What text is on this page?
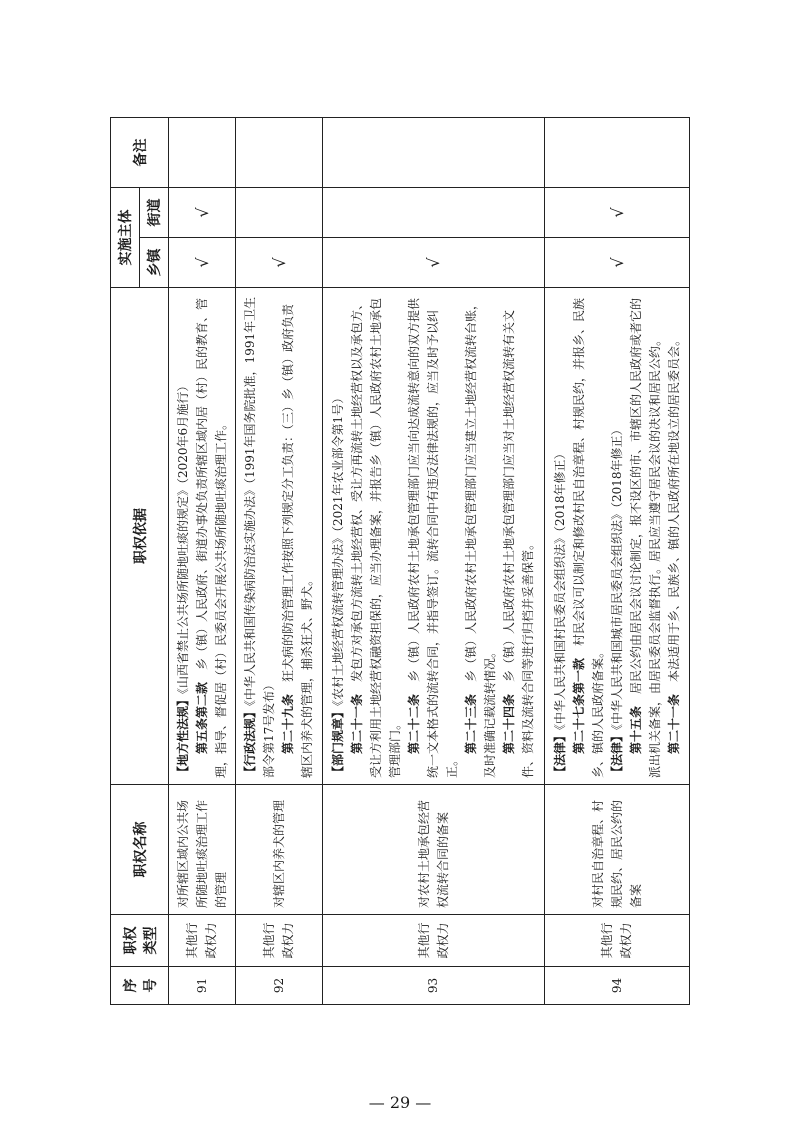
序号	职权类型	职权名称	职权依据	实施主体		备注
				乡镇	街道	
91	其他行政权力	对所辖区域内公共场所随地吐痰治理工作的管理	【地方性法规】《山西省禁止公共场所随地吐痰的规定》（2020年6月施行）

第五条第二款　乡（镇）人民政府、街道办事处负责所辖区域内居（村）民的教育、管理，指导、督促居（村）民委员会开展公共场所随地吐痰治理工作。	√	√	
92	其他行政权力	对辖区内养犬的管理	【行政法规】《中华人民共和国传染病防治法实施办法》（1991年国务院批准，1991年卫生部令第17号发布） 第二十九条　狂犬病的防治管理工作按照下列规定分工负责：（三）乡（镇）政府负责辖区内养犬的管理，捕杀狂犬、野犬。	√		
93	其他行政权力	对农村土地承包经营权流转合同的备案	【部门规章】《农村土地经营权流转管理办法》（2021年农业部令第1号）

第二十一条　发包方对承包方流转土地经营权、受让方再流转土地经营权以及承包方、受让方利用土地经营权融资担保的，应当办理备案，并报告乡（镇）人民政府农村土地承包管理部门。 第二十二条　乡（镇）人民政府农村土地承包管理部门应当向达成流转意向的双方提供统一文本格式的流转合同，并指导签订。流转合同中有违反法律法规的，应当及时予以纠正。

第二十三条　乡（镇）人民政府农村土地承包管理部门应当建立土地经营权流转台账，及时准确记载流转情况。 第二十四条　乡（镇）人民政府农村土地承包管理部门应当对土地经营权流转有关文件、资料及流转合同等进行归档并妥善保管。	√		
94	其他行政权力	对村民自治章程、村规民约、居民公约的备案	【法律】《中华人民共和国村民委员会组织法》（2018年修正） 第二十七条第一款　村民会议可以制定和修改村民自治章程、村规民约，并报乡、民族乡、镇的人民政府备案。 【法律】《中华人民共和国城市居民委员会组织法》（2018年修正）

第十五条　居民公约由居民会议讨论制定，报不设区的市、市辖区的人民政府或者它的派出机关备案，由居民委员会监督执行。居民应当遵守居民会议的决议和居民公约。 第二十一条　本法适用于乡、民族乡、镇的人民政府所在地设立的居民委员会。	√	√	
— 29 —
